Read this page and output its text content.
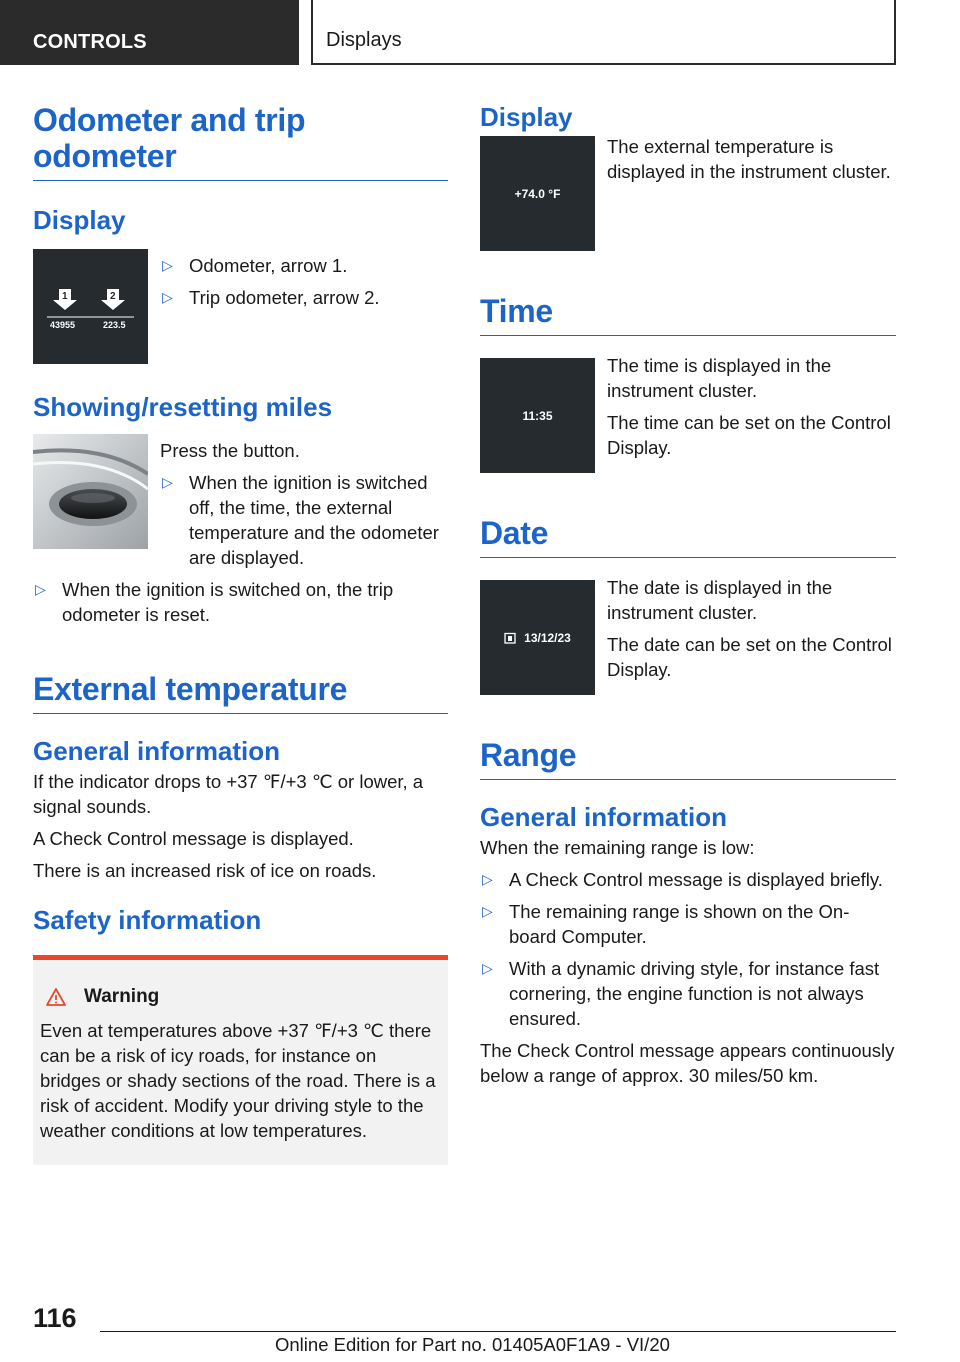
CONTROLS	Displays
Odometer and trip odometer
Display
1	2
43955	223.5
▷ Odometer, arrow 1.
▷ Trip odometer, arrow 2.
Showing/resetting miles
Press the button.
▷ When the ignition is switched off, the time, the external temperature and the odometer are displayed.
▷ When the ignition is switched on, the trip odometer is reset.
External temperature
General information
If the indicator drops to +37 ℉/+3 ℃ or lower, a signal sounds.
A Check Control message is displayed.
There is an increased risk of ice on roads.
Safety information
Warning
Even at temperatures above +37 ℉/+3 ℃ there can be a risk of icy roads, for instance on bridges or shady sections of the road. There is a risk of accident. Modify your driving style to the weather conditions at low temperatures.
Display
+74.0 °F
The external temperature is displayed in the instrument cluster.
Time
11:35
The time is displayed in the instrument cluster.
The time can be set on the Control Display.
Date
13/12/23
The date is displayed in the instrument cluster.
The date can be set on the Control Display.
Range
General information
When the remaining range is low:
▷ A Check Control message is displayed briefly.
▷ The remaining range is shown on the On-board Computer.
▷ With a dynamic driving style, for instance fast cornering, the engine function is not always ensured.
The Check Control message appears continuously below a range of approx. 30 miles/50 km.
116
Online Edition for Part no. 01405A0F1A9 - VI/20
